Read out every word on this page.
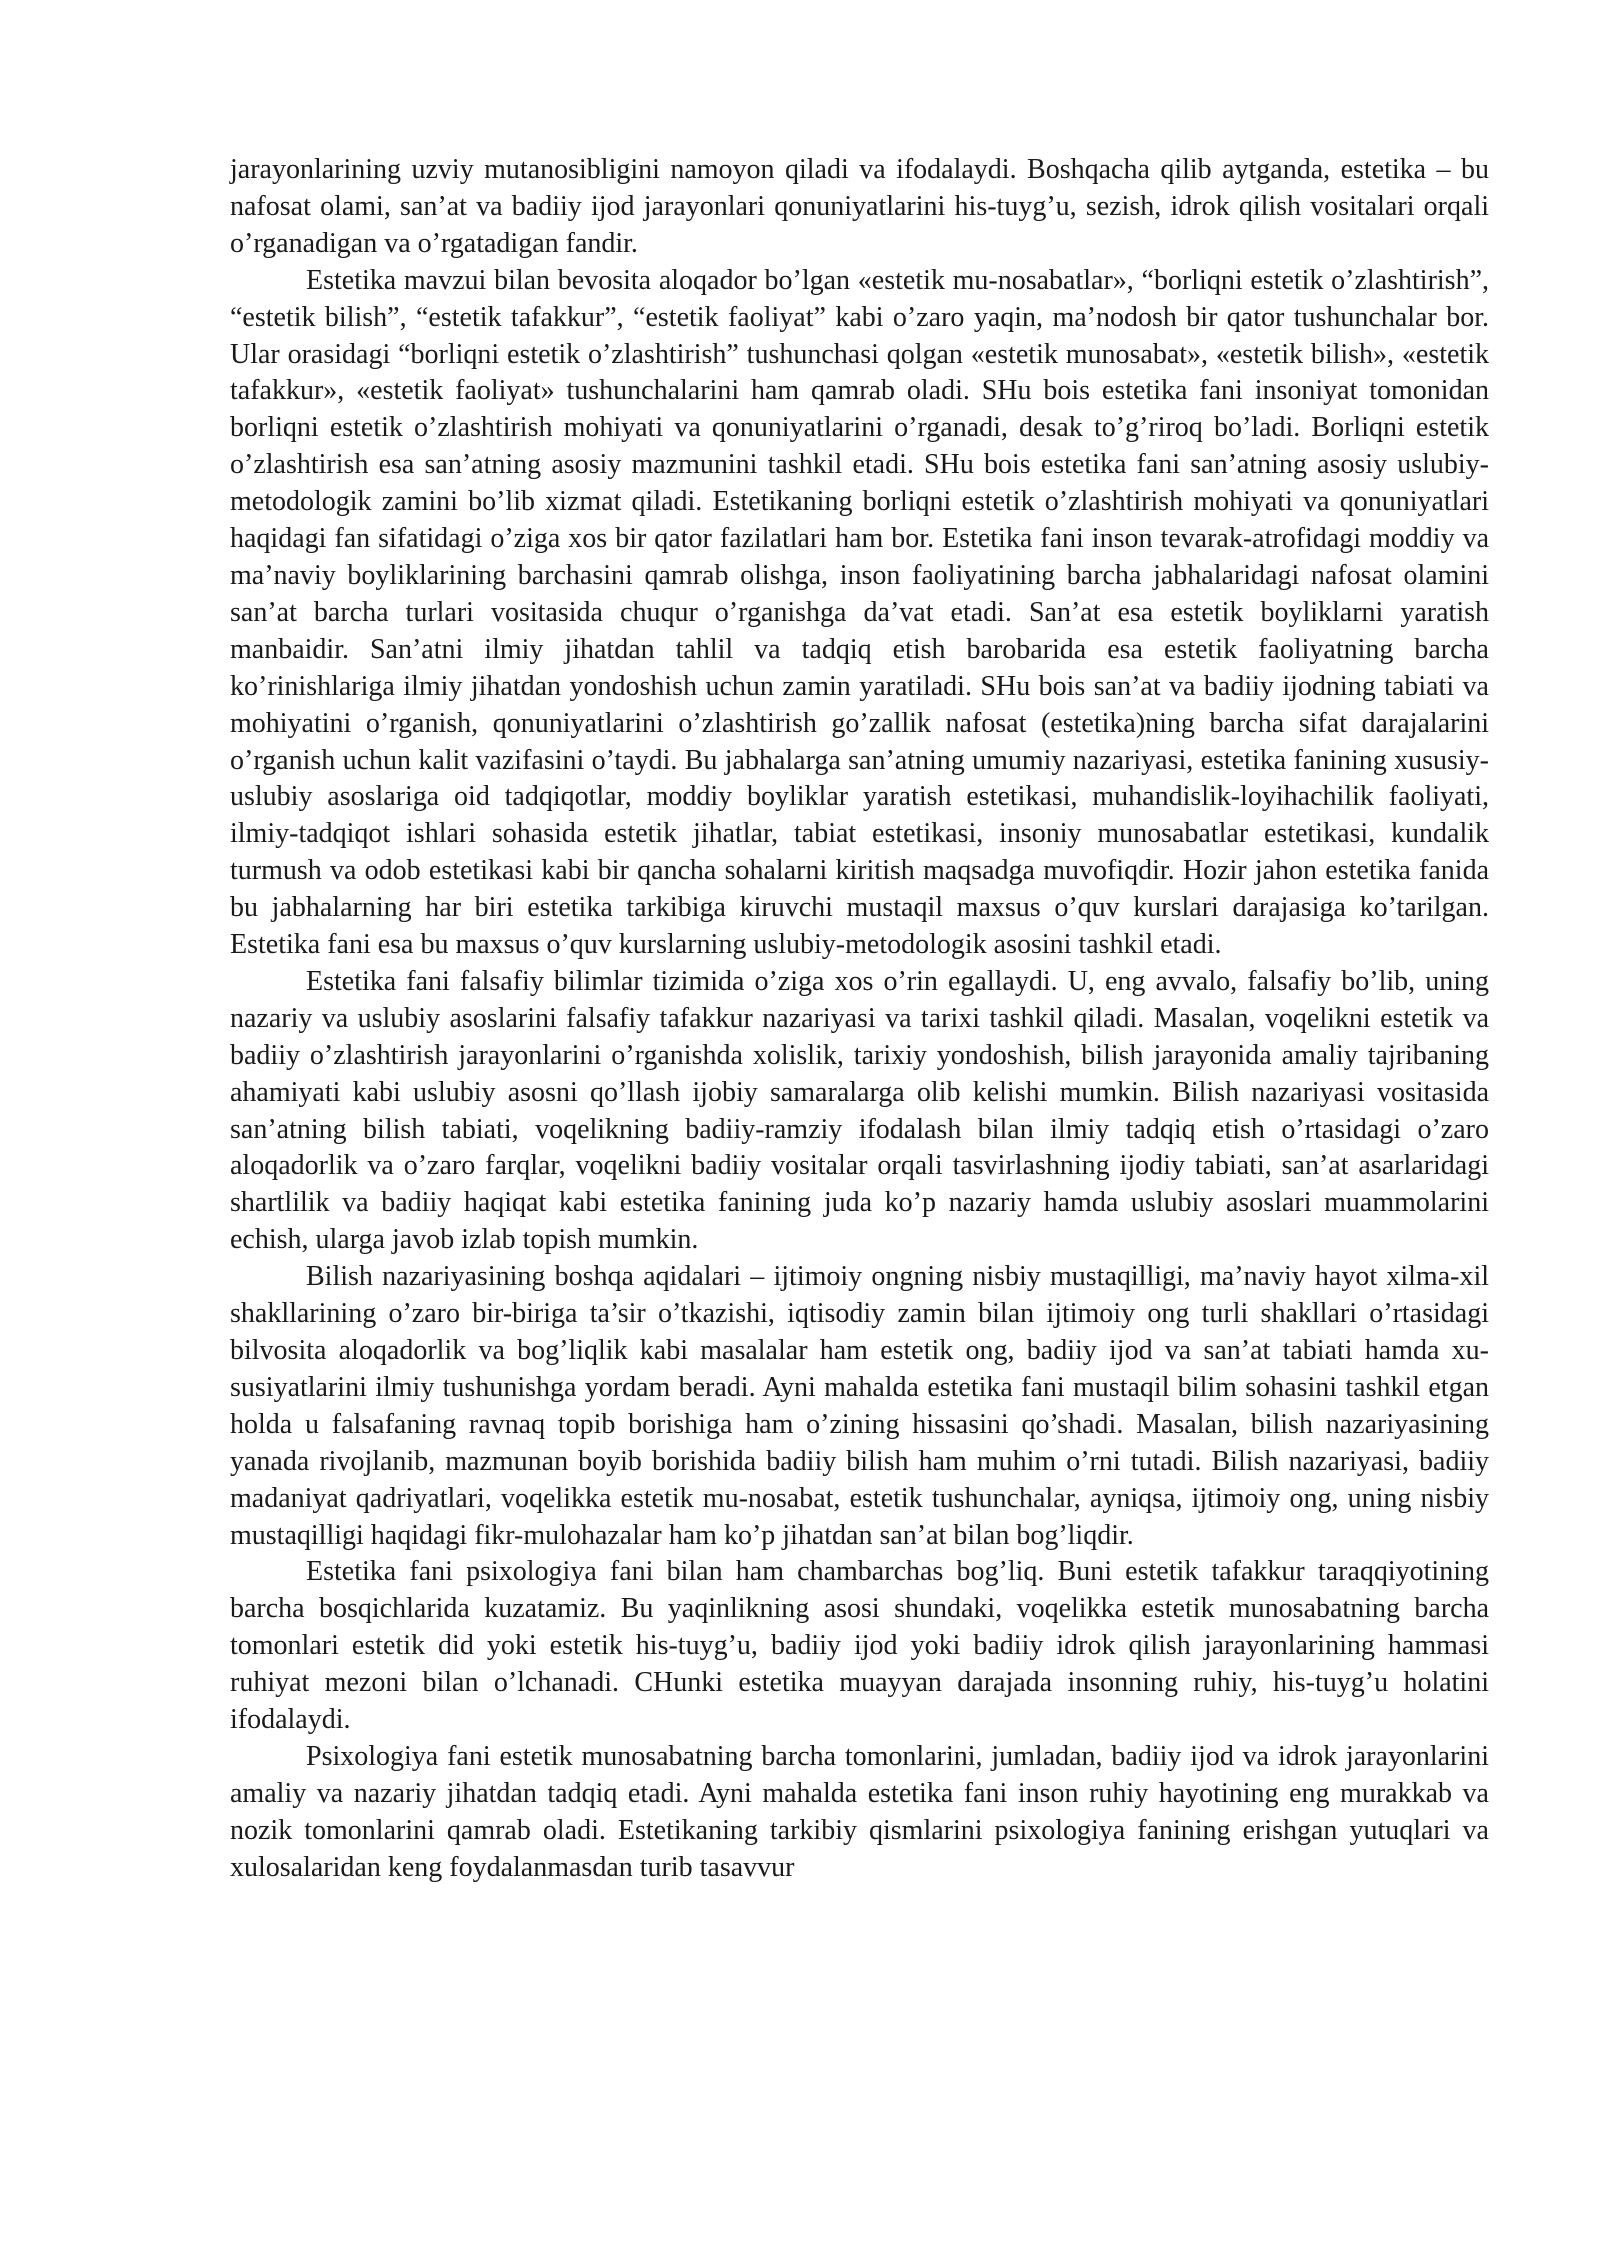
jarayonlarining uzviy mutanosibligini namoyon qiladi va ifodalaydi. Boshqacha qilib aytganda, estetika – bu nafosat olami, san’at va badiiy ijod jarayonlari qonuniyatlarini his-tuyg’u, sezish, idrok qilish vositalari orqali o’rganadigan va o’rgatadigan fandir.

Estetika mavzui bilan bevosita aloqador bo’lgan «estetik mu-nosabatlar», “borliqni estetik o’zlashtirish”, “estetik bilish”, “estetik tafakkur”, “estetik faoliyat” kabi o’zaro yaqin, ma’nodosh bir qator tushunchalar bor. Ular orasidagi “borliqni estetik o’zlashtirish” tushunchasi qolgan «estetik munosabat», «estetik bilish», «estetik tafakkur», «estetik faoliyat» tushunchalarini ham qamrab oladi. SHu bois estetika fani insoniyat tomonidan borliqni estetik o’zlashtirish mohiyati va qonuniyatlarini o’rganadi, desak to’g’riroq bo’ladi. Borliqni estetik o’zlashtirish esa san’atning asosiy mazmunini tashkil etadi. SHu bois estetika fani san’atning asosiy uslubiy-metodologik zamini bo’lib xizmat qiladi. Estetikaning borliqni estetik o’zlashtirish mohiyati va qonuniyatlari haqidagi fan sifatidagi o’ziga xos bir qator fazilatlari ham bor. Estetika fani inson tevarak-atrofidagi moddiy va ma’naviy boyliklarining barchasini qamrab olishga, inson faoliyatining barcha jabhalaridagi nafosat olamini san’at barcha turlari vositasida chuqur o’rganishga da’vat etadi. San’at esa estetik boyliklarni yaratish manbaidir. San’atni ilmiy jihatdan tahlil va tadqiq etish barobarida esa estetik faoliyatning barcha ko’rinishlariga ilmiy jihatdan yondoshish uchun zamin yaratiladi. SHu bois san’at va badiiy ijodning tabiati va mohiyatini o’rganish, qonuniyatlarini o’zlashtirish go’zallik nafosat (estetika)ning barcha sifat darajalarini o’rganish uchun kalit vazifasini o’taydi. Bu jabhalarga san’atning umumiy nazariyasi, estetika fanining xususiy-uslubiy asoslariga oid tadqiqotlar, moddiy boyliklar yaratish estetikasi, muhandislik-loyihachilik faoliyati, ilmiy-tadqiqot ishlari sohasida estetik jihatlar, tabiat estetikasi, insoniy munosabatlar estetikasi, kundalik turmush va odob estetikasi kabi bir qancha sohalarni kiritish maqsadga muvofiqdir. Hozir jahon estetika fanida bu jabhalarning har biri estetika tarkibiga kiruvchi mustaqil maxsus o’quv kurslari darajasiga ko’tarilgan. Estetika fani esa bu maxsus o’quv kurslarning uslubiy-metodologik asosini tashkil etadi.

Estetika fani falsafiy bilimlar tizimida o’ziga xos o’rin egallaydi. U, eng avvalo, falsafiy bo’lib, uning nazariy va uslubiy asoslarini falsafiy tafakkur nazariyasi va tarixi tashkil qiladi. Masalan, voqelikni estetik va badiiy o’zlashtirish jarayonlarini o’rganishda xolislik, tarixiy yondoshish, bilish jarayonida amaliy tajribaning ahamiyati kabi uslubiy asosni qo’llash ijobiy samaralarga olib kelishi mumkin. Bilish nazariyasi vositasida san’atning bilish tabiati, voqelikning badiiy-ramziy ifodalash bilan ilmiy tadqiq etish o’rtasidagi o’zaro aloqadorlik va o’zaro farqlar, voqelikni badiiy vositalar orqali tasvirlashning ijodiy tabiati, san’at asarlaridagi shartlilik va badiiy haqiqat kabi estetika fanining juda ko’p nazariy hamda uslubiy asoslari muammolarini echish, ularga javob izlab topish mumkin.

Bilish nazariyasining boshqa aqidalari – ijtimoiy ongning nisbiy mustaqilligi, ma’naviy hayot xilma-xil shakllarining o’zaro bir-biriga ta’sir o’tkazishi, iqtisodiy zamin bilan ijtimoiy ong turli shakllari o’rtasidagi bilvosita aloqadorlik va bog’liqlik kabi masalalar ham estetik ong, badiiy ijod va san’at tabiati hamda xu-susiyatlarini ilmiy tushunishga yordam beradi. Ayni mahalda estetika fani mustaqil bilim sohasini tashkil etgan holda u falsafaning ravnaq topib borishiga ham o’zining hissasini qo’shadi. Masalan, bilish nazariyasining yanada rivojlanib, mazmunan boyib borishida badiiy bilish ham muhim o’rni tutadi. Bilish nazariyasi, badiiy madaniyat qadriyatlari, voqelikka estetik mu-nosabat, estetik tushunchalar, ayniqsa, ijtimoiy ong, uning nisbiy mustaqilligi haqidagi fikr-mulohazalar ham ko’p jihatdan san’at bilan bog’liqdir.

Estetika fani psixologiya fani bilan ham chambarchas bog’liq. Buni estetik tafakkur taraqqiyotining barcha bosqichlarida kuzatamiz. Bu yaqinlikning asosi shundaki, voqelikka estetik munosabatning barcha tomonlari estetik did yoki estetik his-tuyg’u, badiiy ijod yoki badiiy idrok qilish jarayonlarining hammasi ruhiyat mezoni bilan o’lchanadi. CHunki estetika muayyan darajada insonning ruhiy, his-tuyg’u holatini ifodalaydi.

Psixologiya fani estetik munosabatning barcha tomonlarini, jumladan, badiiy ijod va idrok jarayonlarini amaliy va nazariy jihatdan tadqiq etadi. Ayni mahalda estetika fani inson ruhiy hayotining eng murakkab va nozik tomonlarini qamrab oladi. Estetikaning tarkibiy qismlarini psixologiya fanining erishgan yutuqlari va xulosalaridan keng foydalanmasdan turib tasavvur
